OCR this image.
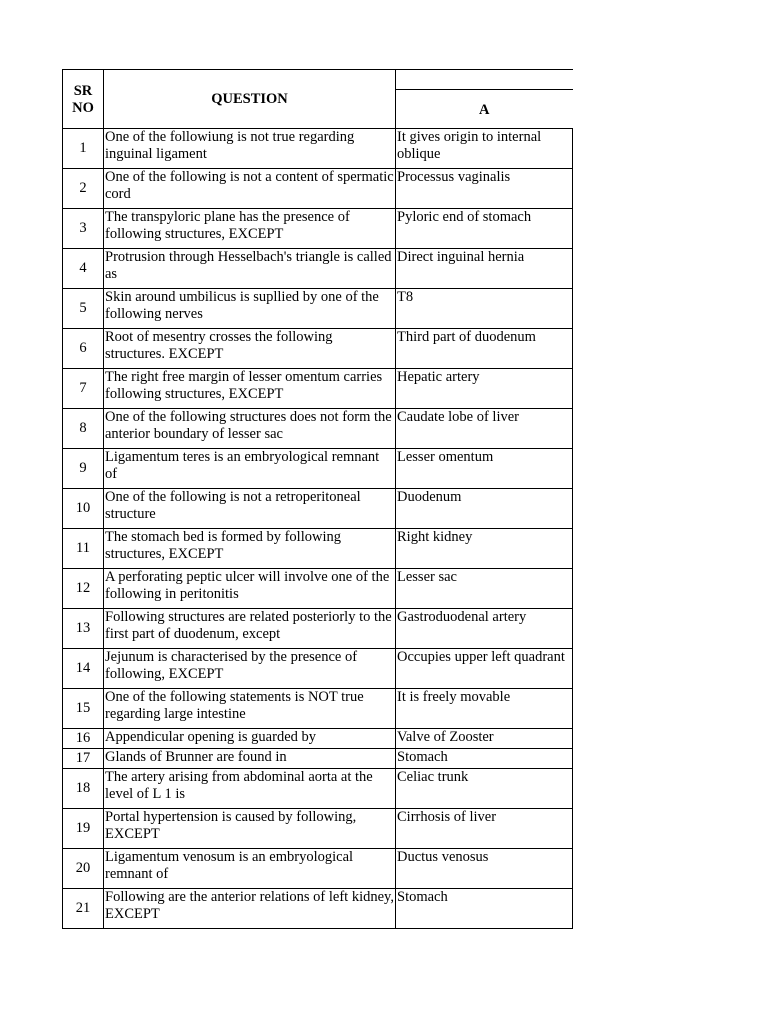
SR
NO	QUESTION	

		A

1	One of the followiung is not true regarding inguinal ligament	It gives origin to internal oblique
2	One of the following is not a content of spermatic cord	Processus vaginalis
3	The transpyloric plane has the presence of following structures, EXCEPT	Pyloric end of stomach
4	Protrusion through Hesselbach's triangle is called as	Direct inguinal hernia
5	Skin around umbilicus is supllied by one of the following nerves	T8
6	Root of mesentry crosses the following structures. EXCEPT	Third part of duodenum
7	The right free margin of lesser omentum carries following structures, EXCEPT	Hepatic artery
8	One of the following structures does not form the anterior boundary of lesser sac	Caudate lobe of liver
9	Ligamentum teres is an embryological remnant of	Lesser omentum
10	One of the following is not a retroperitoneal structure	Duodenum
11	The stomach bed is formed by following structures, EXCEPT	Right kidney
12	A perforating peptic ulcer will involve one of the following in peritonitis	Lesser sac
13	Following structures are related posteriorly to the first part of duodenum, except	Gastroduodenal artery
14	Jejunum is characterised by the presence of following, EXCEPT	Occupies upper left quadrant
15	One of the following statements is NOT true regarding large intestine	It is freely movable
16	Appendicular opening is guarded by	Valve of Zooster
17	Glands of Brunner are found in	Stomach
18	The artery arising from abdominal aorta at the level of L 1 is	Celiac trunk
19	Portal hypertension is caused by following, EXCEPT	Cirrhosis of liver
20	Ligamentum venosum is an embryological remnant of	Ductus venosus
21	Following are the anterior relations of left kidney, EXCEPT	Stomach
